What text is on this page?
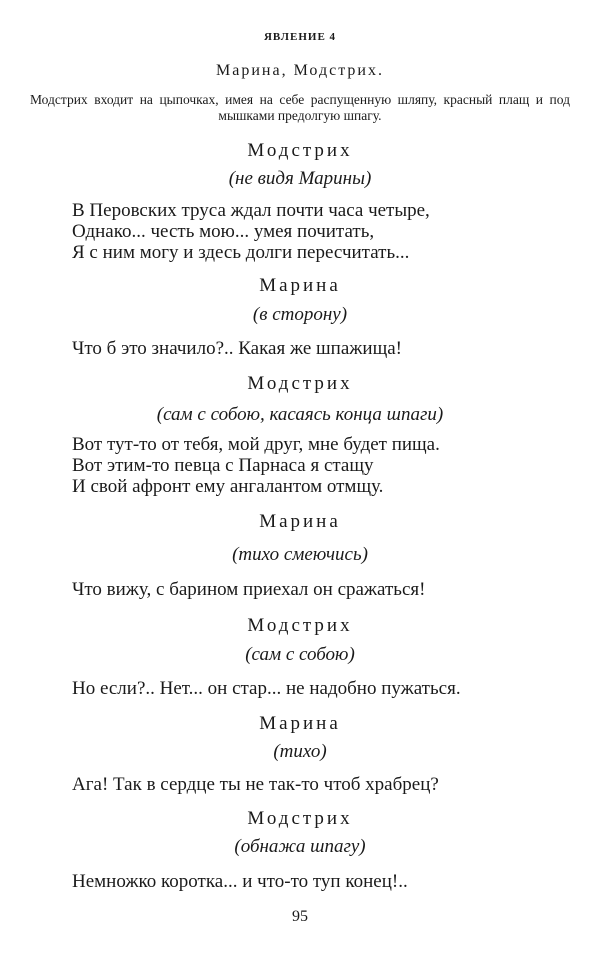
ЯВЛЕНИЕ 4
Марина, Модстрих.
Модстрих входит на цыпочках, имея на себе распущенную шляпу, красный плащ и под мышками предолгую шпагу.
Модстрих
(не видя Марины)
В Перовских труса ждал почти часа четыре,
Однако... честь мою... умея почитать,
Я с ним могу и здесь долги пересчитать...
Марина
(в сторону)
Что б это значило?.. Какая же шпажища!
Модстрих
(сам с собою, касаясь конца шпаги)
Вот тут-то от тебя, мой друг, мне будет пища.
Вот этим-то певца с Парнаса я стащу
И свой афронт ему ангалантом отмщу.
Марина
(тихо смеючись)
Что вижу, с барином приехал он сражаться!
Модстрих
(сам с собою)
Но если?.. Нет... он стар... не надобно пужаться.
Марина
(тихо)
Ага! Так в сердце ты не так-то чтоб храбрец?
Модстрих
(обнажа шпагу)
Немножко коротка... и что-то туп конец!..
95
